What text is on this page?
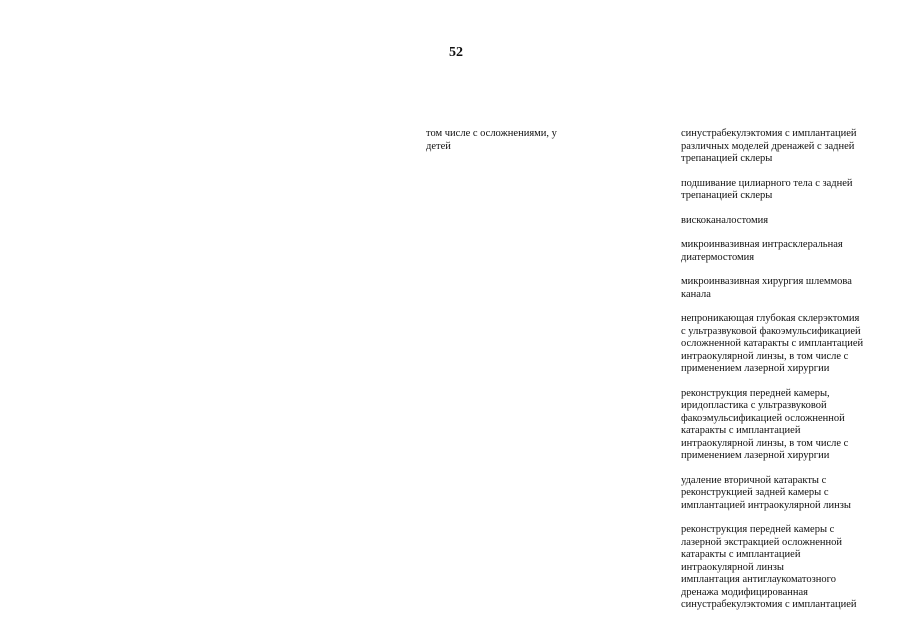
52

том числе с осложнениями, у
детей

синустрабекулэктомия с имплантацией
различных моделей дренажей с задней
трепанацией склеры

подшивание цилиарного тела с задней
трепанацией склеры

вискоканалостомия

микроинвазивная интрасклеральная
диатермостомия

микроинвазивная хирургия шлеммова
канала

непроникающая глубокая склерэктомия
с ультразвуковой факоэмульсификацией
осложненной катаракты с имплантацией
интраокулярной линзы, в том числе с
применением лазерной хирургии

реконструкция передней камеры,
иридопластика с ультразвуковой
факоэмульсификацией осложненной
катаракты с имплантацией
интраокулярной линзы, в том числе с
применением лазерной хирургии

удаление вторичной катаракты с
реконструкцией задней камеры с
имплантацией интраокулярной линзы

реконструкция передней камеры с
лазерной экстракцией осложненной
катаракты с имплантацией
интраокулярной линзы

имплантация антиглаукоматозного
дренажа модифицированная
синустрабекулэктомия с имплантацией
